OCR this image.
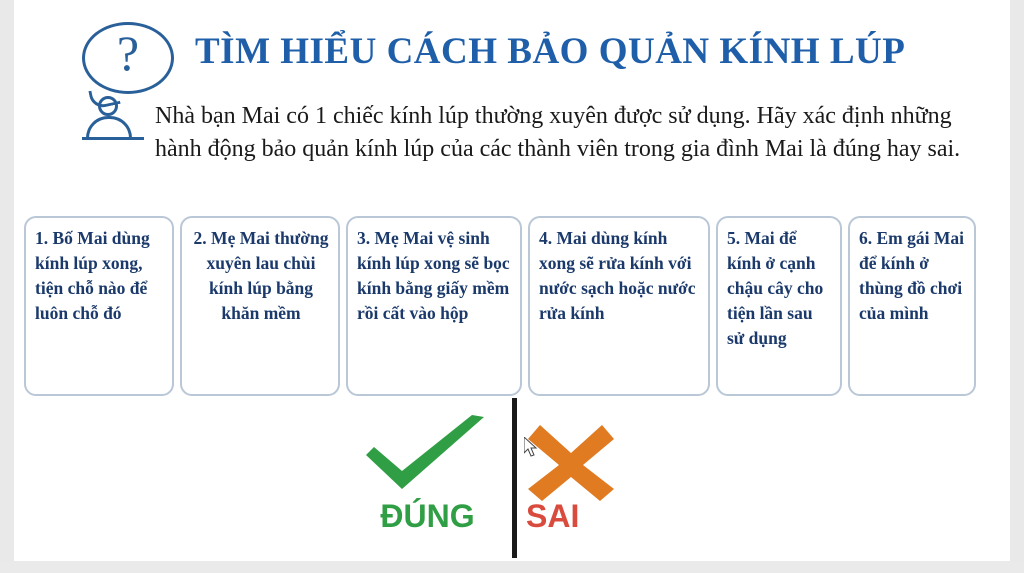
?	TÌM HIỂU CÁCH BẢO QUẢN KÍNH LÚP
Nhà bạn Mai có 1 chiếc kính lúp thường xuyên được sử dụng. Hãy xác định những hành động bảo quản kính lúp của các thành viên trong gia đình Mai là đúng hay sai.
1. Bố Mai dùng kính lúp xong, tiện chỗ nào để luôn chỗ đó
2. Mẹ Mai thường xuyên lau chùi kính lúp bằng khăn mềm
3. Mẹ Mai vệ sinh kính lúp xong sẽ bọc kính bằng giấy mềm rồi cất vào hộp
4. Mai dùng kính xong sẽ rửa kính với nước sạch hoặc nước rửa kính
5. Mai để kính ở cạnh chậu cây cho tiện lần sau sử dụng
6. Em gái Mai để kính ở thùng đồ chơi của mình
ĐÚNG	SAI
